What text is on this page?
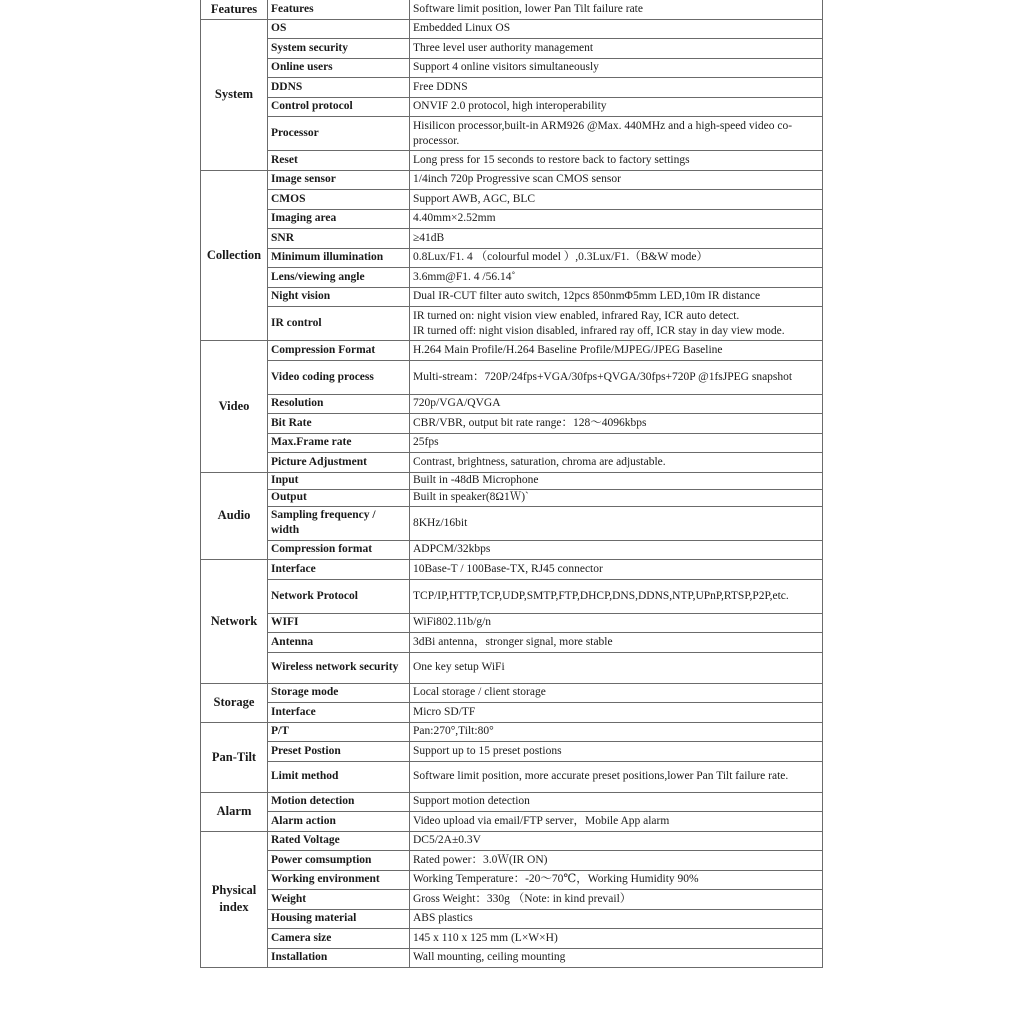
Features	Features	Software limit position, lower Pan Tilt failure rate
System	OS	Embedded Linux OS
	System security	Three level user authority management
	Online users	Support 4 online visitors simultaneously
	DDNS	Free DDNS
	Control protocol	ONVIF 2.0 protocol, high interoperability
	Processor	Hisilicon processor,built-in ARM926 @Max. 440MHz and a high-speed video co-processor.
	Reset	Long press for 15 seconds to restore back to factory settings
Collection	Image sensor	1/4inch 720p Progressive scan CMOS sensor
	CMOS	Support AWB, AGC, BLC
	Imaging area	4.40mm×2.52mm
	SNR	≥41dB
	Minimum illumination	0.8Lux/F1. 4 （colourful model ）,0.3Lux/F1.（B&W mode）
	Lens/viewing angle	3.6mm@F1. 4 /56.14˚
	Night vision	Dual IR-CUT filter auto switch, 12pcs 850nmΦ5mm LED,10m IR distance
	IR control	IR turned on: night vision view enabled, infrared Ray, ICR auto detect.
IR turned off: night vision disabled, infrared ray off, ICR stay in day view mode.

Video	Compression Format	H.264 Main Profile/H.264 Baseline Profile/MJPEG/JPEG Baseline
	Video coding process	Multi-stream：720P/24fps+VGA/30fps+QVGA/30fps+720P @1fsJPEG snapshot
	Resolution	720p/VGA/QVGA
	Bit Rate	CBR/VBR, output bit rate range：128～4096kbps
	Max.Frame rate	25fps
	Picture Adjustment	Contrast, brightness, saturation, chroma are adjustable.
Audio	Input	Built in -48dB Microphone
	Output	Built in speaker(8Ω1Ｗ)`
	Sampling frequency / width	8KHz/16bit
	Compression format	ADPCM/32kbps
Network	Interface	10Base-T / 100Base-TX, RJ45 connector
	Network Protocol	TCP/IP,HTTP,TCP,UDP,SMTP,FTP,DHCP,DNS,DDNS,NTP,UPnP,RTSP,P2P,etc.
	WIFI	WiFi802.11b/g/n
	Antenna	3dBi antenna，stronger signal, more stable
	Wireless network security	One key setup WiFi
Storage	Storage mode	Local storage / client storage
	Interface	Micro SD/TF
Pan-Tilt	P/T	Pan:270°,Tilt:80°
	Preset Postion	Support up to 15 preset postions
	Limit method	Software limit position, more accurate preset positions,lower Pan Tilt failure rate.
Alarm	Motion detection	Support motion detection
	Alarm action	Video upload via email/FTP server，Mobile App alarm
Physical index	Rated Voltage	DC5/2A±0.3V
	Power comsumption	Rated power：3.0Ｗ(IR ON)
	Working environment	Working Temperature：-20～70℃，Working Humidity 90%
	Weight	Gross Weight：330g （Note: in kind prevail）
	Housing material	ABS plastics
	Camera size	145 x 110 x 125 mm (L×W×H)
	Installation	Wall mounting, ceiling mounting
